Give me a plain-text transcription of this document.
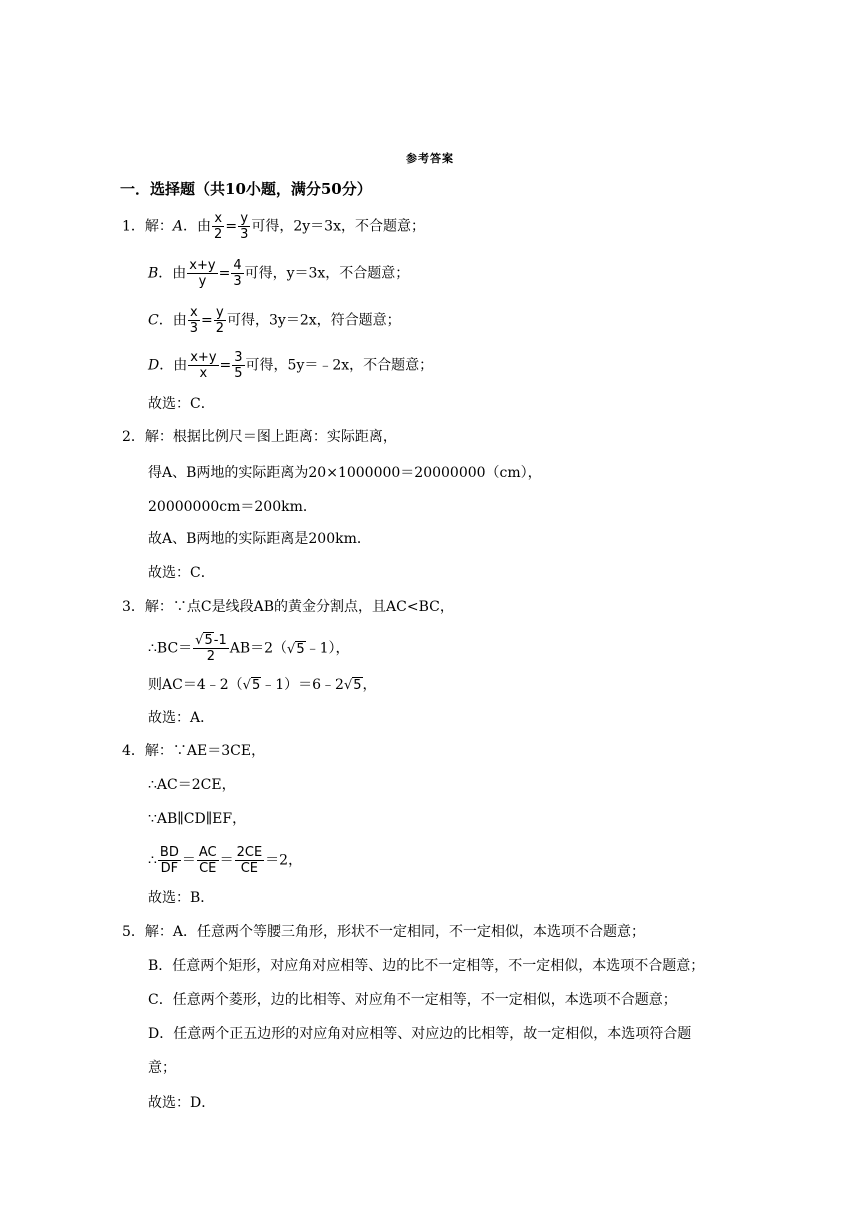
参考答案
一．选择题（共10小题，满分50分）
1．解：A．由 $\frac{x}{2} = \frac{y}{3}$ 可得，2y＝3x，不合题意；
B．由 $\frac{x+y}{y} = \frac{4}{3}$ 可得，y＝3x，不合题意；
C．由 $\frac{x}{3} = \frac{y}{2}$ 可得，3y＝2x，符合题意；
D．由 $\frac{x+y}{x} = \frac{3}{5}$ 可得，5y＝﹣2x，不合题意；
故选：C．
2．解：根据比例尺＝图上距离：实际距离，
得A、B两地的实际距离为20×1000000＝20000000（cm），
20000000cm＝200km．
故A、B两地的实际距离是200km．
故选：C．
3．解：∵点C是线段AB的黄金分割点，且AC<BC，
∴BC＝ $\frac{√5-1}{2}$ AB＝2（√5﹣1），
则AC＝4﹣2（√5﹣1）＝6﹣2√5，
故选：A．
4．解：∵AE＝3CE，
∴AC＝2CE，
∵AB∥CD∥EF，
∴ $\frac{BD}{DF} = \frac{AC}{CE} = \frac{2CE}{CE} =2$，
故选：B．
5．解：A．任意两个等腰三角形，形状不一定相同，不一定相似，本选项不合题意；
B．任意两个矩形，对应角对应相等、边的比不一定相等，不一定相似，本选项不合题意；
C．任意两个菱形，边的比相等、对应角不一定相等，不一定相似，本选项不合题意；
D．任意两个正五边形的对应角对应相等、对应边的比相等，故一定相似，本选项符合题
意；
故选：D．
